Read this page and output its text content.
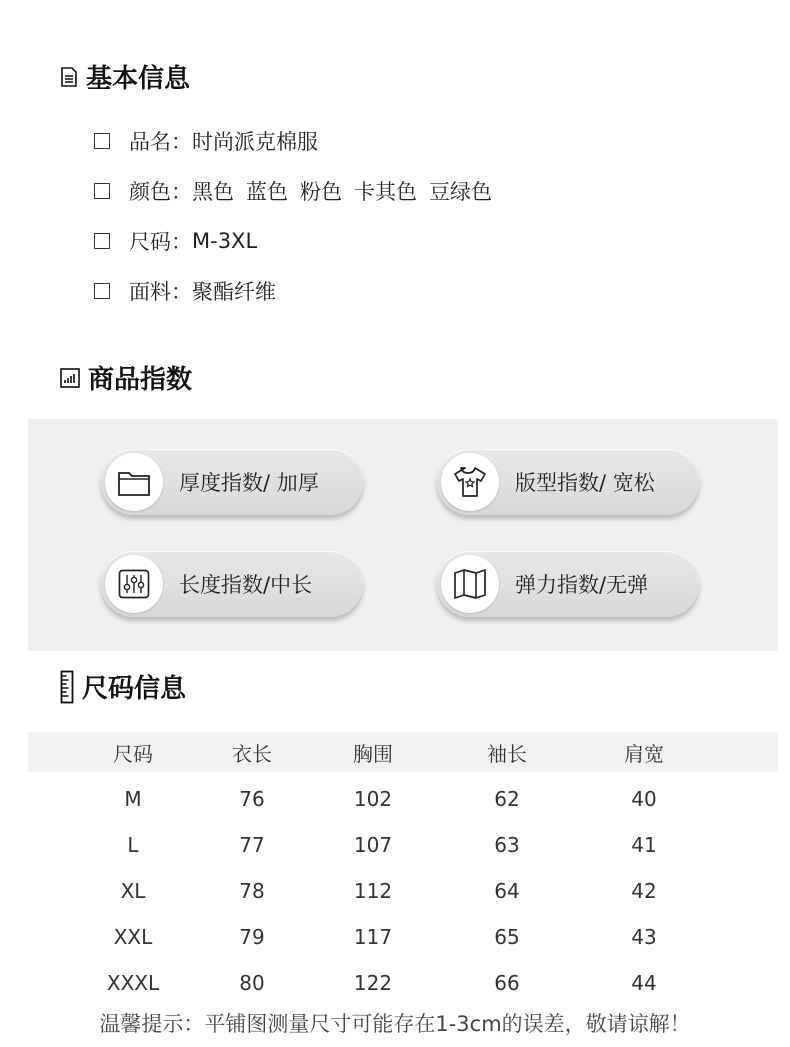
基本信息
品名： 时尚派克棉服
颜色： 黑色 蓝色 粉色 卡其色 豆绿色
尺码： M-3XL
面料： 聚酯纤维
商品指数
厚度指数/ 加厚	版型指数/ 宽松
长度指数/中长	弹力指数/无弹
尺码信息
尺码	衣长	胸围	袖长	肩宽
M	76	102	62	40
L	77	107	63	41
XL	78	112	64	42
XXL	79	117	65	43
XXXL	80	122	66	44
温馨提示：平铺图测量尺寸可能存在1-3cm的误差，敬请谅解！
